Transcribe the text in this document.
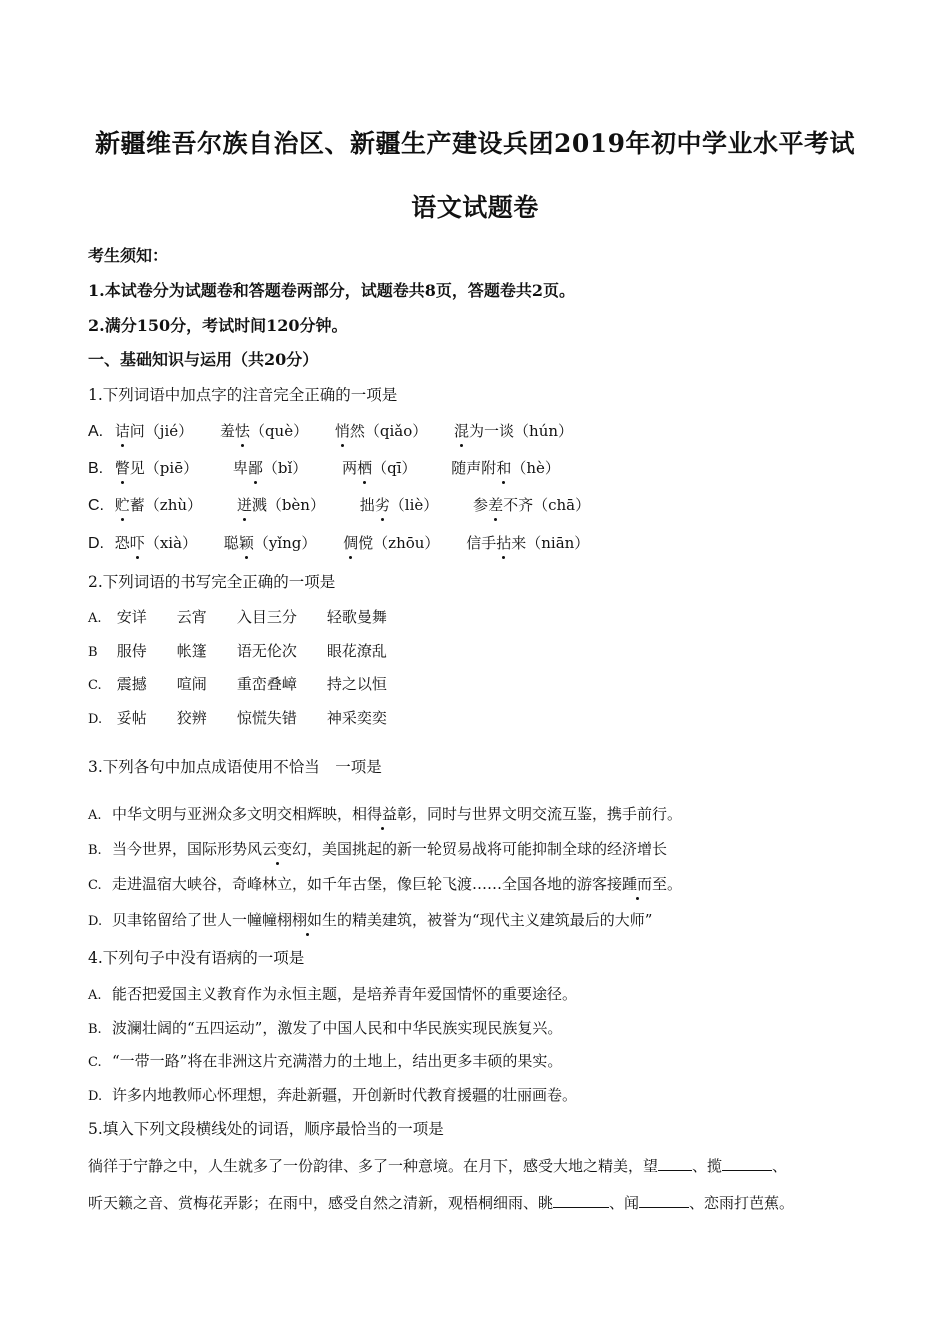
新疆维吾尔族自治区、新疆生产建设兵团2019年初中学业水平考试
语文试题卷
考生须知：
1.本试卷分为试题卷和答题卷两部分，试题卷共8页，答题卷共2页。
2.满分150分，考试时间120分钟。
一、基础知识与运用（共20分）
1.下列词语中加点字的注音完全正确的一项是
A. 诘问（jié） 羞怯（què） 悄然（qiǎo） 混为一谈（hún）
B. 瞥见（piē） 卑鄙（bǐ） 两栖（qī） 随声附和（hè）
C. 贮蓄（zhù） 迸溅（bèn） 拙劣（liè） 参差不齐（chā）
D. 恐吓（xià） 聪颖（yǐng） 倜傥（zhōu） 信手拈来（niān）
2.下列词语的书写完全正确的一项是
A. 安详 云宵 入目三分 轻歌曼舞
B 服侍 帐篷 语无伦次 眼花潦乱
C. 震撼 喧闹 重峦叠嶂 持之以恒
D. 妥帖 狡辨 惊慌失错 神采奕奕
3.下列各句中加点成语使用不恰当　一项是
A. 中华文明与亚洲众多文明交相辉映，相得益彰，同时与世界文明交流互鉴，携手前行。
B. 当今世界，国际形势风云变幻，美国挑起的新一轮贸易战将可能抑制全球的经济增长
C. 走进温宿大峡谷，奇峰林立，如千年古堡，像巨轮飞渡……全国各地的游客接踵而至。
D. 贝聿铭留给了世人一幢幢栩栩如生的精美建筑，被誉为“现代主义建筑最后的大师”
4.下列句子中没有语病的一项是
A. 能否把爱国主义教育作为永恒主题，是培养青年爱国情怀的重要途径。
B. 波澜壮阔的“五四运动”，激发了中国人民和中华民族实现民族复兴。
C. “一带一路”将在非洲这片充满潜力的土地上，结出更多丰硕的果实。
D. 许多内地教师心怀理想，奔赴新疆，开创新时代教育援疆的壮丽画卷。
5.填入下列文段横线处的词语，顺序最恰当的一项是
徜徉于宁静之中，人生就多了一份韵律、多了一种意境。在月下，感受大地之精美，望 、揽	、
听天籁之音、赏梅花弄影；在雨中，感受自然之清新，观梧桐细雨、眺	、闻	、恋雨打芭蕉。
